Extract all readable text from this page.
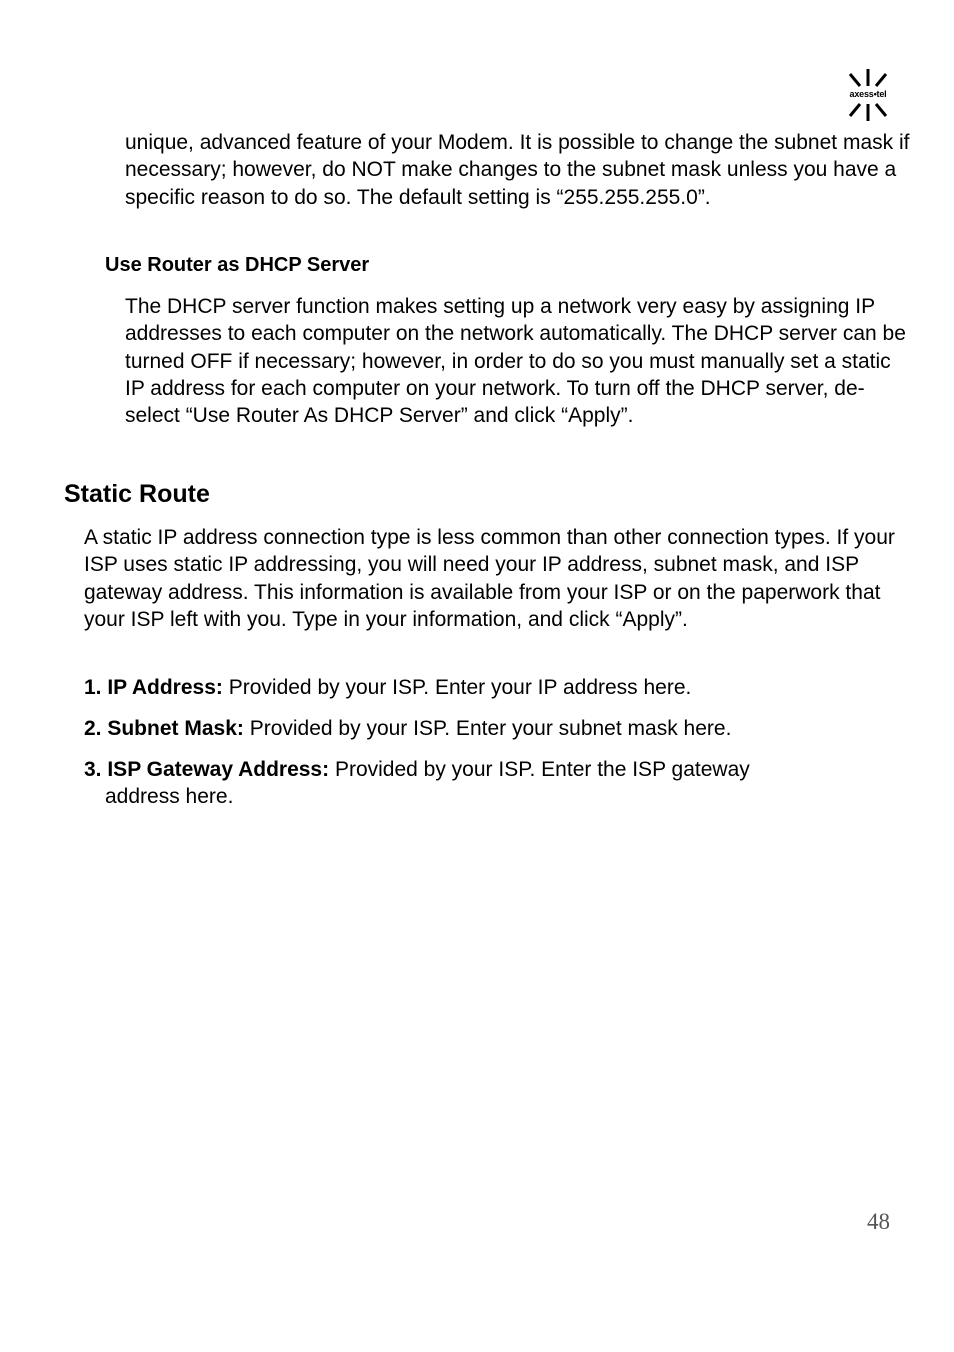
axess•tel

unique, advanced feature of your Modem. It is possible to change the subnet mask if necessary; however, do NOT make changes to the subnet mask unless you have a specific reason to do so. The default setting is “255.255.255.0”.

Use Router as DHCP Server

The DHCP server function makes setting up a network very easy by assigning IP addresses to each computer on the network automatically. The DHCP server can be turned OFF if necessary; however, in order to do so you must manually set a static IP address for each computer on your network. To turn off the DHCP server, de-select “Use Router As DHCP Server” and click “Apply”.

Static Route

A static IP address connection type is less common than other connection types. If your ISP uses static IP addressing, you will need your IP address, subnet mask, and ISP gateway address. This information is available from your ISP or on the paperwork that your ISP left with you. Type in your information, and click “Apply”.

1. IP Address: Provided by your ISP. Enter your IP address here.

2. Subnet Mask: Provided by your ISP. Enter your subnet mask here.

3. ISP Gateway Address: Provided by your ISP. Enter the ISP gateway
address here.

48
